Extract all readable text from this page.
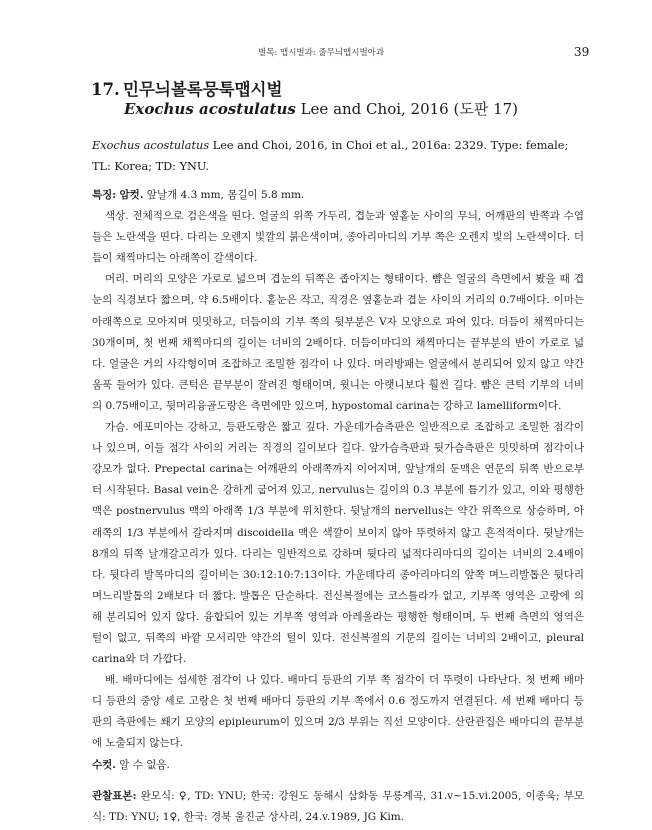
벌목: 맵시벌과: 줄무늬맵시벌아과	39
17. 민무늬볼록뭉툭맵시벌
Exochus acostulatus Lee and Choi, 2016 (도판 17)
Exochus acostulatus Lee and Choi, 2016, in Choi et al., 2016a: 2329. Type: female; TL: Korea; TD: YNU.

특징: 암컷. 앞날개 4.3 mm, 몸길이 5.8 mm.

색상. 전체적으로 검은색을 띤다. 얼굴의 위쪽 가두리, 겹눈과 옆홑눈 사이의 무늬, 어깨판의 반쪽과 수염들은 노란색을 띤다. 다리는 오렌지 빛깔의 붉은색이며, 종아리마디의 기부 쪽은 오렌지 빛의 노란색이다. 더듬이 채찍마디는 아래쪽이 갈색이다.

머리. 머리의 모양은 가로로 넓으며 겹눈의 뒤쪽은 좁아지는 형태이다. 뺨은 얼굴의 측면에서 봤을 때 겹눈의 직경보다 짧으며, 약 6.5배이다. 홑눈은 작고, 직경은 옆홑눈과 겹눈 사이의 거리의 0.7배이다. 이마는 아래쪽으로 모아지며 밋밋하고, 더듬이의 기부 쪽의 뒷부분은 V자 모양으로 파여 있다. 더듬이 채찍마디는 30개이며, 첫 번째 채찍마디의 길이는 너비의 2배이다. 더듬이마디의 채찍마디는 끝부분의 반이 가로로 넓다. 얼굴은 거의 사각형이며 조잡하고 조밀한 점각이 나 있다. 머리방패는 얼굴에서 분리되어 있지 않고 약간 움푹 들어가 있다. 큰턱은 끝부분이 잘려진 형태이며, 윗니는 아랫니보다 훨씬 길다. 뺨은 큰턱 기부의 너비의 0.75배이고, 뒷머리융골도랑은 측면에만 있으며, hypostomal carina는 강하고 lamelliform이다.

가슴. 에포미아는 강하고, 등판도랑은 짧고 깊다. 가운데가슴측판은 일반적으로 조잡하고 조밀한 점각이 나 있으며, 이들 점각 사이의 거리는 직경의 길이보다 길다. 앞가슴측판과 뒷가슴측판은 밋밋하며 점각이나 강모가 없다. Prepectal carina는 어깨판의 아래쪽까지 이어지며, 앞날개의 둔맥은 연문의 뒤쪽 반으로부터 시작된다. Basal vein은 강하게 굽어져 있고, nervulus는 길이의 0.3 부분에 틈기가 있고, 이와 평행한 맥은 postnervulus 맥의 아래쪽 1/3 부분에 위치한다. 뒷날개의 nervellus는 약간 위쪽으로 상승하며, 아래쪽의 1/3 부분에서 갈라지며 discoidella 맥은 색깔이 보이지 않아 뚜렷하지 않고 흔적적이다. 뒷날개는 8개의 뒤쪽 날개갈고리가 있다. 다리는 일반적으로 강하며 뒷다리 넓적다리마디의 길이는 너비의 2.4배이다. 뒷다리 발목마디의 길이비는 30:12:10:7:13이다. 가운데다리 종아리마디의 앞쪽 며느리발톱은 뒷다리 며느리발톱의 2배보다 더 짧다. 발톱은 단순하다. 전신복절에는 코스틀라가 없고, 기부쪽 영역은 고랑에 의해 분리되어 있지 않다. 융합되어 있는 기부쪽 영역과 아레올라는 평행한 형태이며, 두 번째 측면의 영역은 털이 없고, 뒤쪽의 바깥 모서리만 약간의 털이 있다. 전신복절의 기문의 길이는 너비의 2배이고, pleural carina와 더 가깝다.

배. 배마디에는 섬세한 점각이 나 있다. 배마디 등판의 기부 쪽 점각이 더 뚜렷이 나타난다. 첫 번째 배마디 등판의 중앙 세로 고랑은 첫 번째 배마디 등판의 기부 쪽에서 0.6 정도까지 연결된다. 세 번째 배마디 등판의 측판에는 쐐기 모양의 epipleurum이 있으며 2/3 부위는 직선 모양이다. 산란관집은 배마디의 끝부분에 노출되지 않는다.

수컷. 알 수 없음.

관찰표본: 완모식: ♀, TD: YNU; 한국: 강원도 동해시 삼화동 무릉계곡, 31.v~15.vi.2005, 이종욱; 부모식: TD: YNU; 1♀, 한국: 경북 울진군 상사리, 24.v.1989, JG Kim.
